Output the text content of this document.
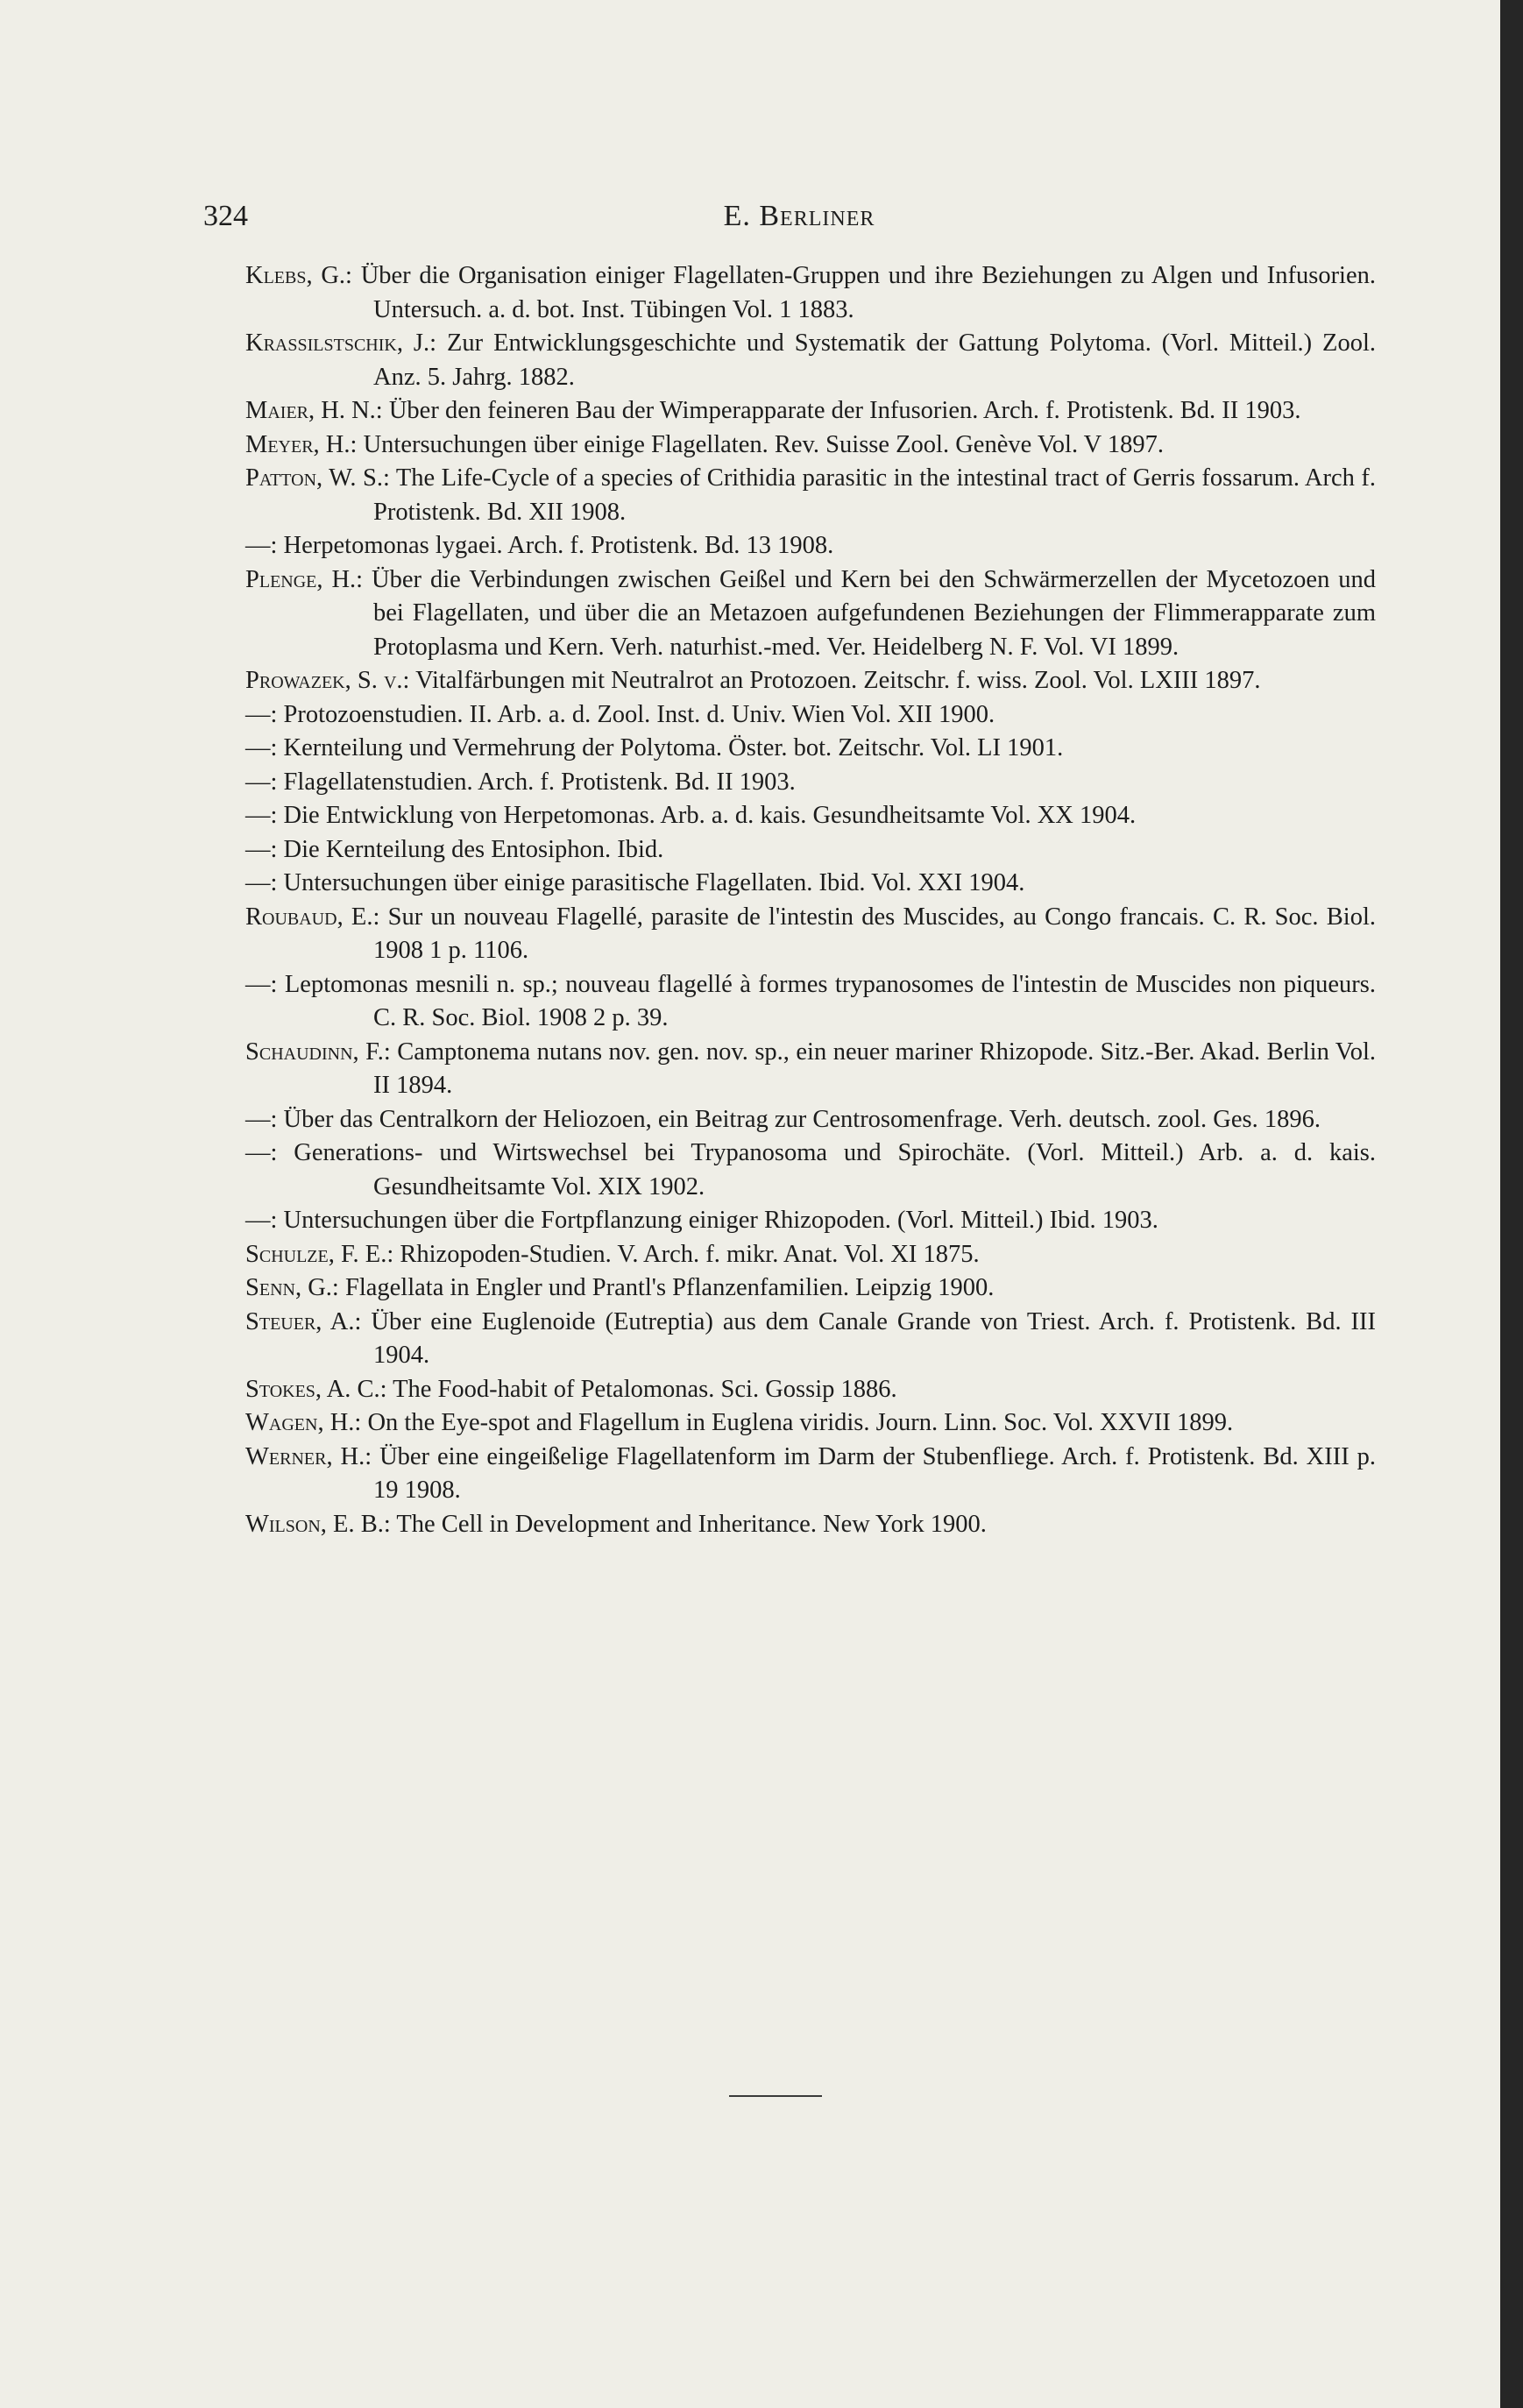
324	E. Berliner

Klebs, G.: Über die Organisation einiger Flagellaten-Gruppen und ihre Beziehungen zu Algen und Infusorien. Untersuch. a. d. bot. Inst. Tübingen Vol. 1 1883.

Krassilstschik, J.: Zur Entwicklungsgeschichte und Systematik der Gattung Polytoma. (Vorl. Mitteil.) Zool. Anz. 5. Jahrg. 1882.

Maier, H. N.: Über den feineren Bau der Wimperapparate der Infusorien. Arch. f. Protistenk. Bd. II 1903.

Meyer, H.: Untersuchungen über einige Flagellaten. Rev. Suisse Zool. Genève Vol. V 1897.

Patton, W. S.: The Life-Cycle of a species of Crithidia parasitic in the intestinal tract of Gerris fossarum. Arch f. Protistenk. Bd. XII 1908.

—: Herpetomonas lygaei. Arch. f. Protistenk. Bd. 13 1908.

Plenge, H.: Über die Verbindungen zwischen Geißel und Kern bei den Schwärmerzellen der Mycetozoen und bei Flagellaten, und über die an Metazoen aufgefundenen Beziehungen der Flimmerapparate zum Protoplasma und Kern. Verh. naturhist.-med. Ver. Heidelberg N. F. Vol. VI 1899.

Prowazek, S. v.: Vitalfärbungen mit Neutralrot an Protozoen. Zeitschr. f. wiss. Zool. Vol. LXIII 1897.

—: Protozoenstudien. II. Arb. a. d. Zool. Inst. d. Univ. Wien Vol. XII 1900.

—: Kernteilung und Vermehrung der Polytoma. Öster. bot. Zeitschr. Vol. LI 1901.

—: Flagellatenstudien. Arch. f. Protistenk. Bd. II 1903.

—: Die Entwicklung von Herpetomonas. Arb. a. d. kais. Gesundheitsamte Vol. XX 1904.

—: Die Kernteilung des Entosiphon. Ibid.

—: Untersuchungen über einige parasitische Flagellaten. Ibid. Vol. XXI 1904.

Roubaud, E.: Sur un nouveau Flagellé, parasite de l'intestin des Muscides, au Congo francais. C. R. Soc. Biol. 1908 1 p. 1106.

—: Leptomonas mesnili n. sp.; nouveau flagellé à formes trypanosomes de l'intestin de Muscides non piqueurs. C. R. Soc. Biol. 1908 2 p. 39.

Schaudinn, F.: Camptonema nutans nov. gen. nov. sp., ein neuer mariner Rhizopode. Sitz.-Ber. Akad. Berlin Vol. II 1894.

—: Über das Centralkorn der Heliozoen, ein Beitrag zur Centrosomenfrage. Verh. deutsch. zool. Ges. 1896.

—: Generations- und Wirtswechsel bei Trypanosoma und Spirochäte. (Vorl. Mitteil.) Arb. a. d. kais. Gesundheitsamte Vol. XIX 1902.

—: Untersuchungen über die Fortpflanzung einiger Rhizopoden. (Vorl. Mitteil.) Ibid. 1903.

Schulze, F. E.: Rhizopoden-Studien. V. Arch. f. mikr. Anat. Vol. XI 1875.

Senn, G.: Flagellata in Engler und Prantl's Pflanzenfamilien. Leipzig 1900.

Steuer, A.: Über eine Euglenoide (Eutreptia) aus dem Canale Grande von Triest. Arch. f. Protistenk. Bd. III 1904.

Stokes, A. C.: The Food-habit of Petalomonas. Sci. Gossip 1886.

Wagen, H.: On the Eye-spot and Flagellum in Euglena viridis. Journ. Linn. Soc. Vol. XXVII 1899.

Werner, H.: Über eine eingeißelige Flagellatenform im Darm der Stubenfliege. Arch. f. Protistenk. Bd. XIII p. 19 1908.

Wilson, E. B.: The Cell in Development and Inheritance. New York 1900.
